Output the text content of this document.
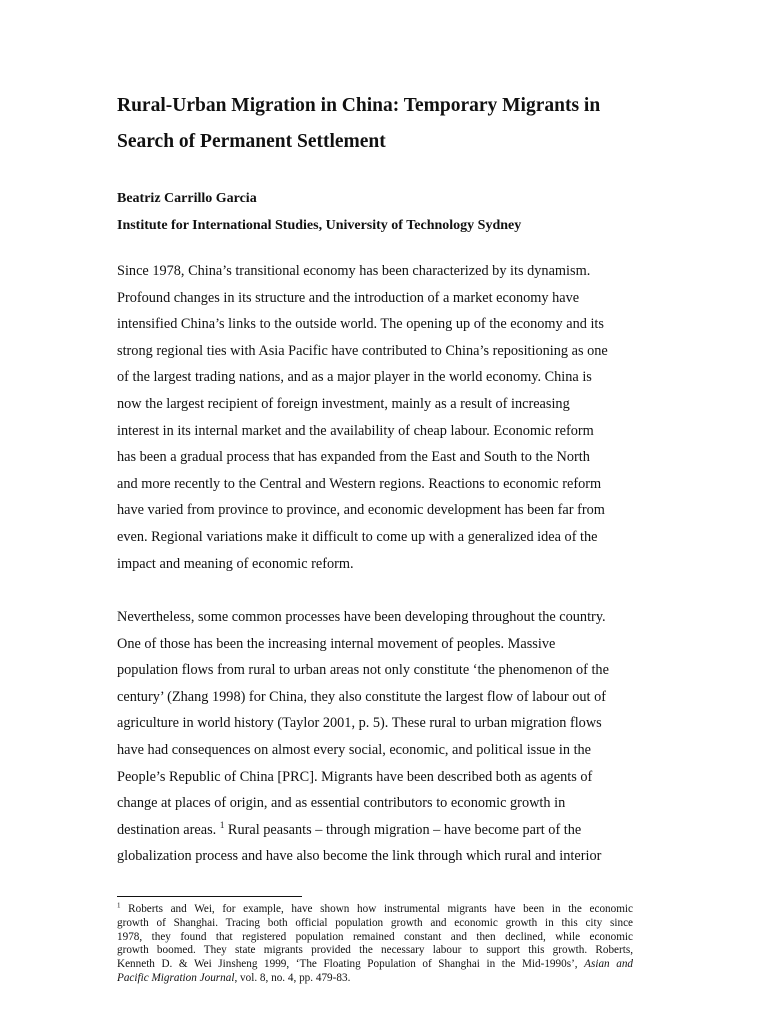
Rural-Urban Migration in China: Temporary Migrants in
Search of Permanent Settlement

Beatriz Carrillo Garcia

Institute for International Studies, University of Technology Sydney

Since 1978, China’s transitional economy has been characterized by its dynamism.
Profound changes in its structure and the introduction of a market economy have
intensified China’s links to the outside world. The opening up of the economy and its
strong regional ties with Asia Pacific have contributed to China’s repositioning as one
of the largest trading nations, and as a major player in the world economy. China is
now the largest recipient of foreign investment, mainly as a result of increasing
interest in its internal market and the availability of cheap labour. Economic reform
has been a gradual process that has expanded from the East and South to the North
and more recently to the Central and Western regions. Reactions to economic reform
have varied from province to province, and economic development has been far from
even. Regional variations make it difficult to come up with a generalized idea of the
impact and meaning of economic reform.

Nevertheless, some common processes have been developing throughout the country.
One of those has been the increasing internal movement of peoples. Massive
population flows from rural to urban areas not only constitute ‘the phenomenon of the
century’ (Zhang 1998) for China, they also constitute the largest flow of labour out of
agriculture in world history (Taylor 2001, p. 5). These rural to urban migration flows
have had consequences on almost every social, economic, and political issue in the
People’s Republic of China [PRC]. Migrants have been described both as agents of
change at places of origin, and as essential contributors to economic growth in
destination areas. $^1$ Rural peasants – through migration – have become part of the
globalization process and have also become the link through which rural and interior

$^1$ Roberts and Wei, for example, have shown how instrumental migrants have been in the economic
growth of Shanghai. Tracing both official population growth and economic growth in this city since
1978, they found that registered population remained constant and then declined, while economic
growth boomed. They state migrants provided the necessary labour to support this growth. Roberts,
Kenneth D. & Wei Jinsheng 1999, ‘The Floating Population of Shanghai in the Mid-1990s’, Asian and
Pacific Migration Journal, vol. 8, no. 4, pp. 479-83.
